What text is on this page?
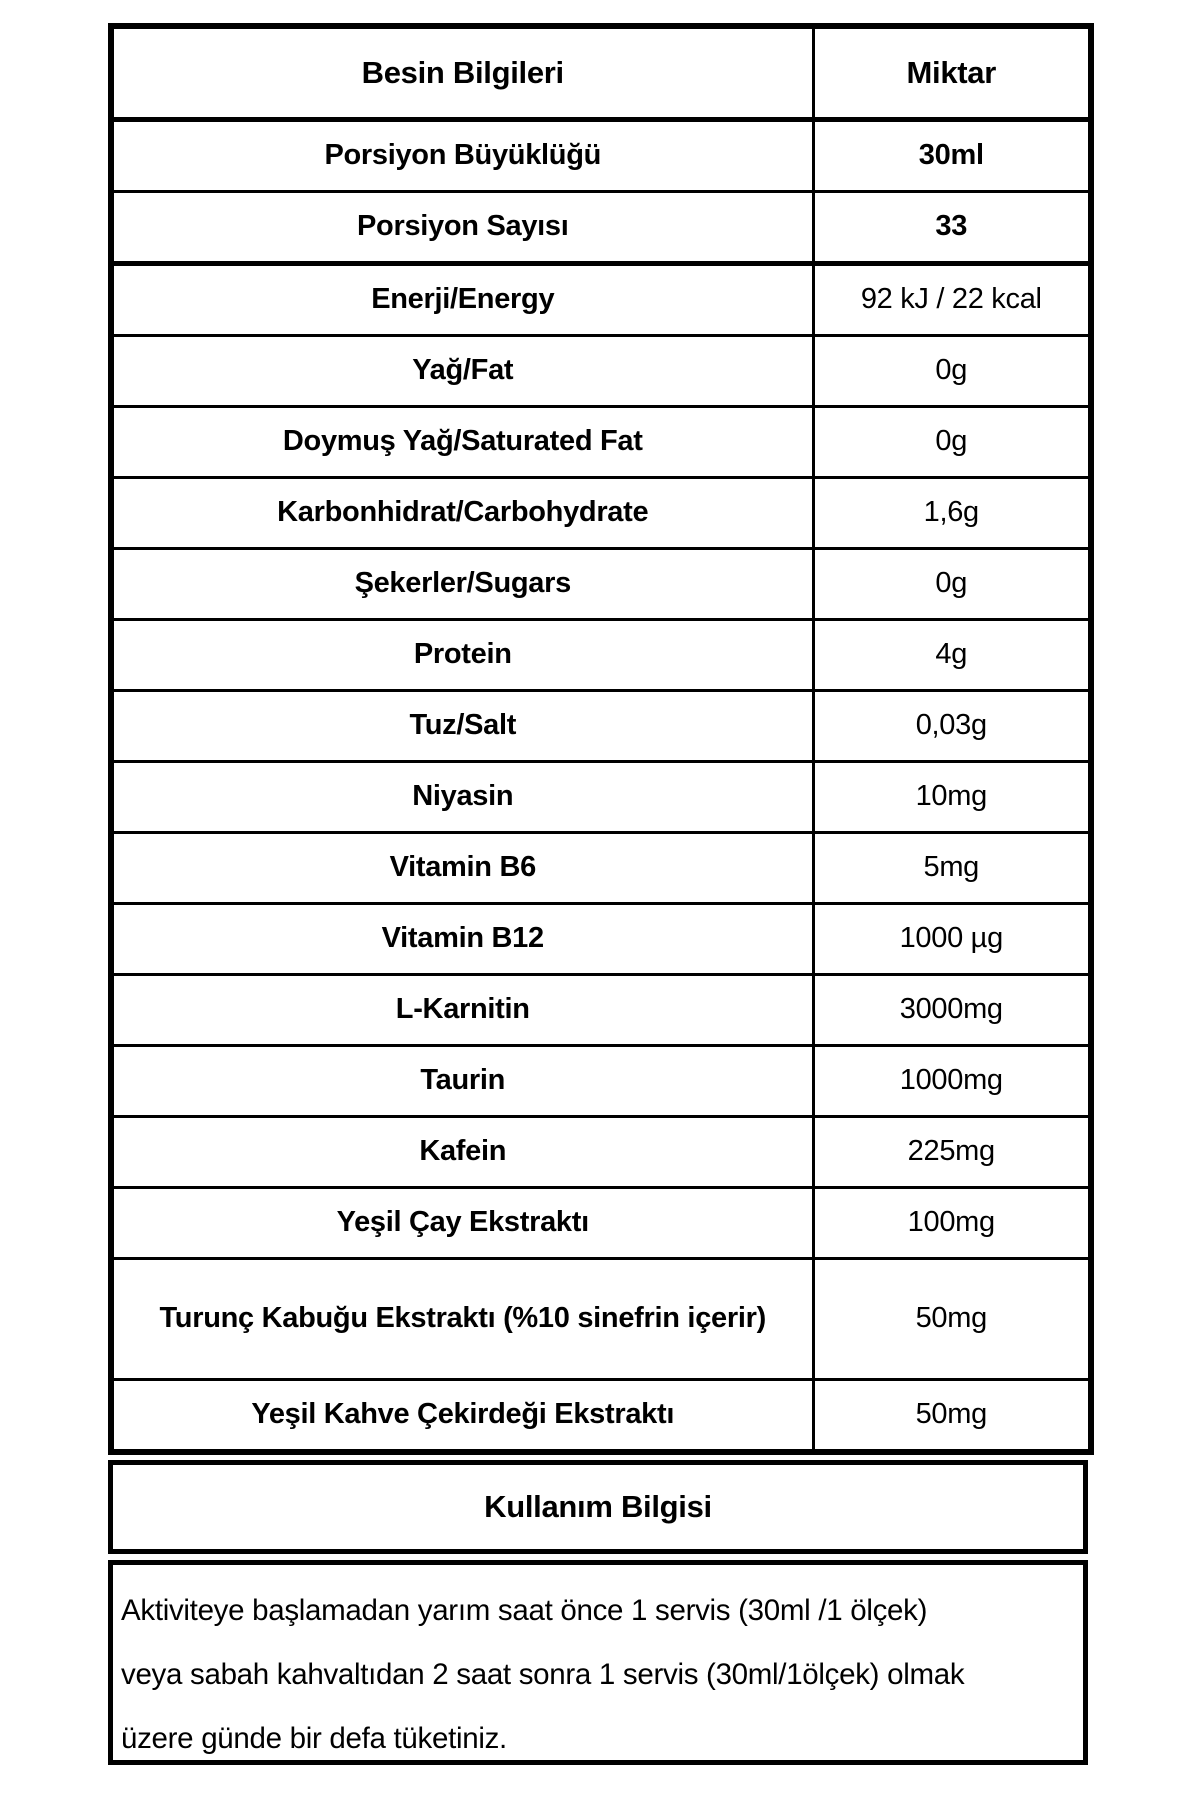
Besin Bilgileri	Miktar
Porsiyon Büyüklüğü	30ml
Porsiyon Sayısı	33
Enerji/Energy	92 kJ / 22 kcal
Yağ/Fat	0g
Doymuş Yağ/Saturated Fat	0g
Karbonhidrat/Carbohydrate	1,6g
Şekerler/Sugars	0g
Protein	4g
Tuz/Salt	0,03g
Niyasin	10mg
Vitamin B6	5mg
Vitamin B12	1000 µg
L-Karnitin	3000mg
Taurin	1000mg
Kafein	225mg
Yeşil Çay Ekstraktı	100mg
Turunç Kabuğu Ekstraktı (%10 sinefrin içerir)	50mg
Yeşil Kahve Çekirdeği Ekstraktı	50mg
Kullanım Bilgisi
Aktiviteye başlamadan yarım saat önce 1 servis (30ml /1 ölçek)
veya sabah kahvaltıdan 2 saat sonra 1 servis (30ml/1ölçek) olmak
üzere günde bir defa tüketiniz.
